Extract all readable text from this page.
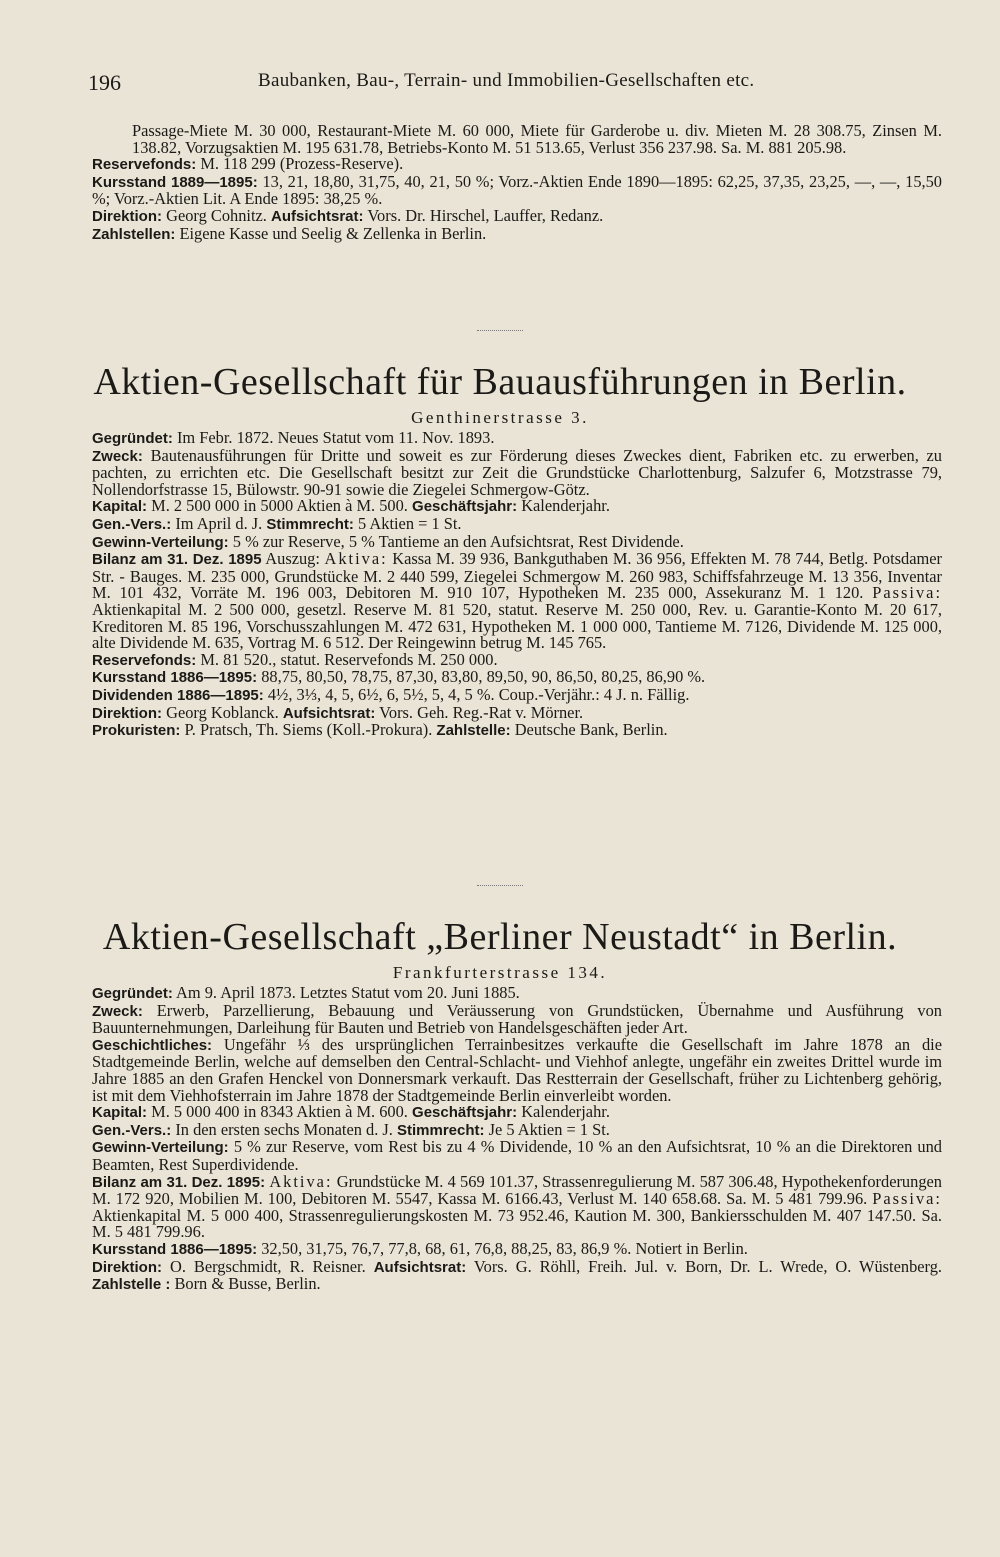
196	Baubanken, Bau-, Terrain- und Immobilien-Gesellschaften etc.

Passage-Miete M. 30 000, Restaurant-Miete M. 60 000, Miete für Garderobe u. div. Mieten M. 28 308.75, Zinsen M. 138.82, Vorzugsaktien M. 195 631.78, Betriebs-Konto M. 51 513.65, Verlust 356 237.98. Sa. M. 881 205.98.

Reservefonds: M. 118 299 (Prozess-Reserve).

Kursstand 1889—1895: 13, 21, 18,80, 31,75, 40, 21, 50 %; Vorz.-Aktien Ende 1890—1895: 62,25, 37,35, 23,25, —, —, 15,50 %; Vorz.-Aktien Lit. A Ende 1895: 38,25 %.

Direktion: Georg Cohnitz. Aufsichtsrat: Vors. Dr. Hirschel, Lauffer, Redanz.

Zahlstellen: Eigene Kasse und Seelig & Zellenka in Berlin.

Aktien-Gesellschaft für Bauausführungen in Berlin.
Genthinerstrasse 3.

Gegründet: Im Febr. 1872. Neues Statut vom 11. Nov. 1893.

Zweck: Bautenausführungen für Dritte und soweit es zur Förderung dieses Zweckes dient, Fabriken etc. zu erwerben, zu pachten, zu errichten etc. Die Gesellschaft besitzt zur Zeit die Grundstücke Charlottenburg, Salzufer 6, Motzstrasse 79, Nollendorfstrasse 15, Bülowstr. 90-91 sowie die Ziegelei Schmergow-Götz.

Kapital: M. 2 500 000 in 5000 Aktien à M. 500. Geschäftsjahr: Kalenderjahr.

Gen.-Vers.: Im April d. J. Stimmrecht: 5 Aktien = 1 St.

Gewinn-Verteilung: 5 % zur Reserve, 5 % Tantieme an den Aufsichtsrat, Rest Dividende.

Bilanz am 31. Dez. 1895 Auszug: Aktiva: Kassa M. 39 936, Bankguthaben M. 36 956, Effekten M. 78 744, Betlg. Potsdamer Str. - Bauges. M. 235 000, Grundstücke M. 2 440 599, Ziegelei Schmergow M. 260 983, Schiffsfahrzeuge M. 13 356, Inventar M. 101 432, Vorräte M. 196 003, Debitoren M. 910 107, Hypotheken M. 235 000, Assekuranz M. 1 120. Passiva: Aktienkapital M. 2 500 000, gesetzl. Reserve M. 81 520, statut. Reserve M. 250 000, Rev. u. Garantie-Konto M. 20 617, Kreditoren M. 85 196, Vorschusszahlungen M. 472 631, Hypotheken M. 1 000 000, Tantieme M. 7126, Dividende M. 125 000, alte Dividende M. 635, Vortrag M. 6 512. Der Reingewinn betrug M. 145 765.

Reservefonds: M. 81 520., statut. Reservefonds M. 250 000.

Kursstand 1886—1895: 88,75, 80,50, 78,75, 87,30, 83,80, 89,50, 90, 86,50, 80,25, 86,90 %.

Dividenden 1886—1895: 4½, 3⅓, 4, 5, 6½, 6, 5½, 5, 4, 5 %. Coup.-Verjähr.: 4 J. n. Fällig.

Direktion: Georg Koblanck. Aufsichtsrat: Vors. Geh. Reg.-Rat v. Mörner.

Prokuristen: P. Pratsch, Th. Siems (Koll.-Prokura). Zahlstelle: Deutsche Bank, Berlin.

Aktien-Gesellschaft „Berliner Neustadt“ in Berlin.
Frankfurterstrasse 134.

Gegründet: Am 9. April 1873. Letztes Statut vom 20. Juni 1885.

Zweck: Erwerb, Parzellierung, Bebauung und Veräusserung von Grundstücken, Übernahme und Ausführung von Bauunternehmungen, Darleihung für Bauten und Betrieb von Handelsgeschäften jeder Art.

Geschichtliches: Ungefähr ⅓ des ursprünglichen Terrainbesitzes verkaufte die Gesellschaft im Jahre 1878 an die Stadtgemeinde Berlin, welche auf demselben den Central-Schlacht- und Viehhof anlegte, ungefähr ein zweites Drittel wurde im Jahre 1885 an den Grafen Henckel von Donnersmark verkauft. Das Restterrain der Gesellschaft, früher zu Lichtenberg gehörig, ist mit dem Viehhofsterrain im Jahre 1878 der Stadtgemeinde Berlin einverleibt worden.

Kapital: M. 5 000 400 in 8343 Aktien à M. 600. Geschäftsjahr: Kalenderjahr.

Gen.-Vers.: In den ersten sechs Monaten d. J. Stimmrecht: Je 5 Aktien = 1 St.

Gewinn-Verteilung: 5 % zur Reserve, vom Rest bis zu 4 % Dividende, 10 % an den Aufsichtsrat, 10 % an die Direktoren und Beamten, Rest Superdividende.

Bilanz am 31. Dez. 1895: Aktiva: Grundstücke M. 4 569 101.37, Strassenregulierung M. 587 306.48, Hypothekenforderungen M. 172 920, Mobilien M. 100, Debitoren M. 5547, Kassa M. 6166.43, Verlust M. 140 658.68. Sa. M. 5 481 799.96. Passiva: Aktienkapital M. 5 000 400, Strassenregulierungskosten M. 73 952.46, Kaution M. 300, Bankiersschulden M. 407 147.50. Sa. M. 5 481 799.96.

Kursstand 1886—1895: 32,50, 31,75, 76,7, 77,8, 68, 61, 76,8, 88,25, 83, 86,9 %. Notiert in Berlin.

Direktion: O. Bergschmidt, R. Reisner. Aufsichtsrat: Vors. G. Röhll, Freih. Jul. v. Born, Dr. L. Wrede, O. Wüstenberg. Zahlstelle : Born & Busse, Berlin.
